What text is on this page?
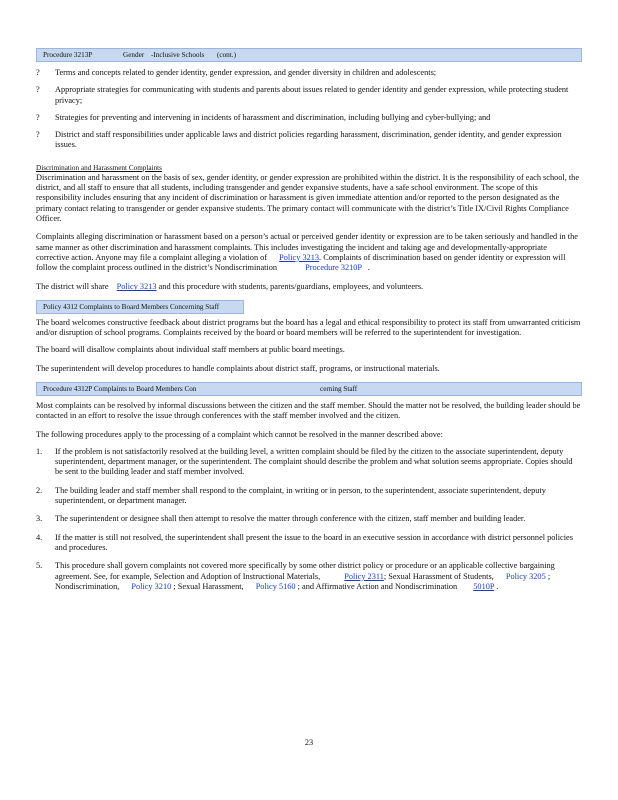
Procedure 3213P	Gender -Inclusive Schools (cont.)
? Terms and concepts related to gender identity, gender expression, and gender diversity in children and adolescents;
? Appropriate strategies for communicating with students and parents about issues related to gender identity and gender expression, while protecting student privacy;
? Strategies for preventing and intervening in incidents of harassment and discrimination, including bullying and cyber-bullying; and
? District and staff responsibilities under applicable laws and district policies regarding harassment, discrimination, gender identity, and gender expression issues.
Discrimination and Harassment Complaints

Discrimination and harassment on the basis of sex, gender identity, or gender expression are prohibited within the district. It is the responsibility of each school, the district, and all staff to ensure that all students, including transgender and gender expansive students, have a safe school environment. The scope of this responsibility includes ensuring that any incident of discrimination or harassment is given immediate attention and/or reported to the person designated as the primary contact relating to transgender or gender expansive students. The primary contact will communicate with the district’s Title IX/Civil Rights Compliance Officer.

Complaints alleging discrimination or harassment based on a person’s actual or perceived gender identity or expression are to be taken seriously and handled in the same manner as other discrimination and harassment complaints. This includes investigating the incident and taking age and developmentally-appropriate corrective action. Anyone may file a complaint alleging a violation of Policy 3213. Complaints of discrimination based on gender identity or expression will follow the complaint process outlined in the district’s Nondiscrimination	Procedure 3210P .

The district will share Policy 3213 and this procedure with students, parents/guardians, employees, and volunteers.

Policy 4312 Complaints to Board Members Concerning Staff

The board welcomes constructive feedback about district programs but the board has a legal and ethical responsibility to protect its staff from unwarranted criticism and/or disruption of school programs. Complaints received by the board or board members will be referred to the superintendent for investigation.

The board will disallow complaints about individual staff members at public board meetings.

The superintendent will develop procedures to handle complaints about district staff, programs, or instructional materials.

Procedure 4312P Complaints to Board Members Con	cerning Staff

Most complaints can be resolved by informal discussions between the citizen and the staff member. Should the matter not be resolved, the building leader should be contacted in an effort to resolve the issue through conferences with the staff member involved and the citizen.

The following procedures apply to the processing of a complaint which cannot be resolved in the manner described above:

1. If the problem is not satisfactorily resolved at the building level, a written complaint should be filed by the citizen to the associate superintendent, deputy superintendent, department manager, or the superintendent. The complaint should describe the problem and what solution seems appropriate. Copies should be sent to the building leader and staff member involved.
2. The building leader and staff member shall respond to the complaint, in writing or in person, to the superintendent, associate superintendent, deputy superintendent, or department manager.
3. The superintendent or designee shall then attempt to resolve the matter through conference with the citizen, staff member and building leader.
4. If the matter is still not resolved, the superintendent shall present the issue to the board in an executive session in accordance with district personnel policies and procedures.
5. This procedure shall govern complaints not covered more specifically by some other district policy or procedure or an applicable collective bargaining agreement. See, for example, Selection and Adoption of Instructional Materials,	Policy 2311; Sexual Harassment of Students, Policy 3205 ; Nondiscrimination, Policy 3210 ; Sexual Harassment, Policy 5160 ; and Affirmative Action and Nondiscrimination 5010P .
23
